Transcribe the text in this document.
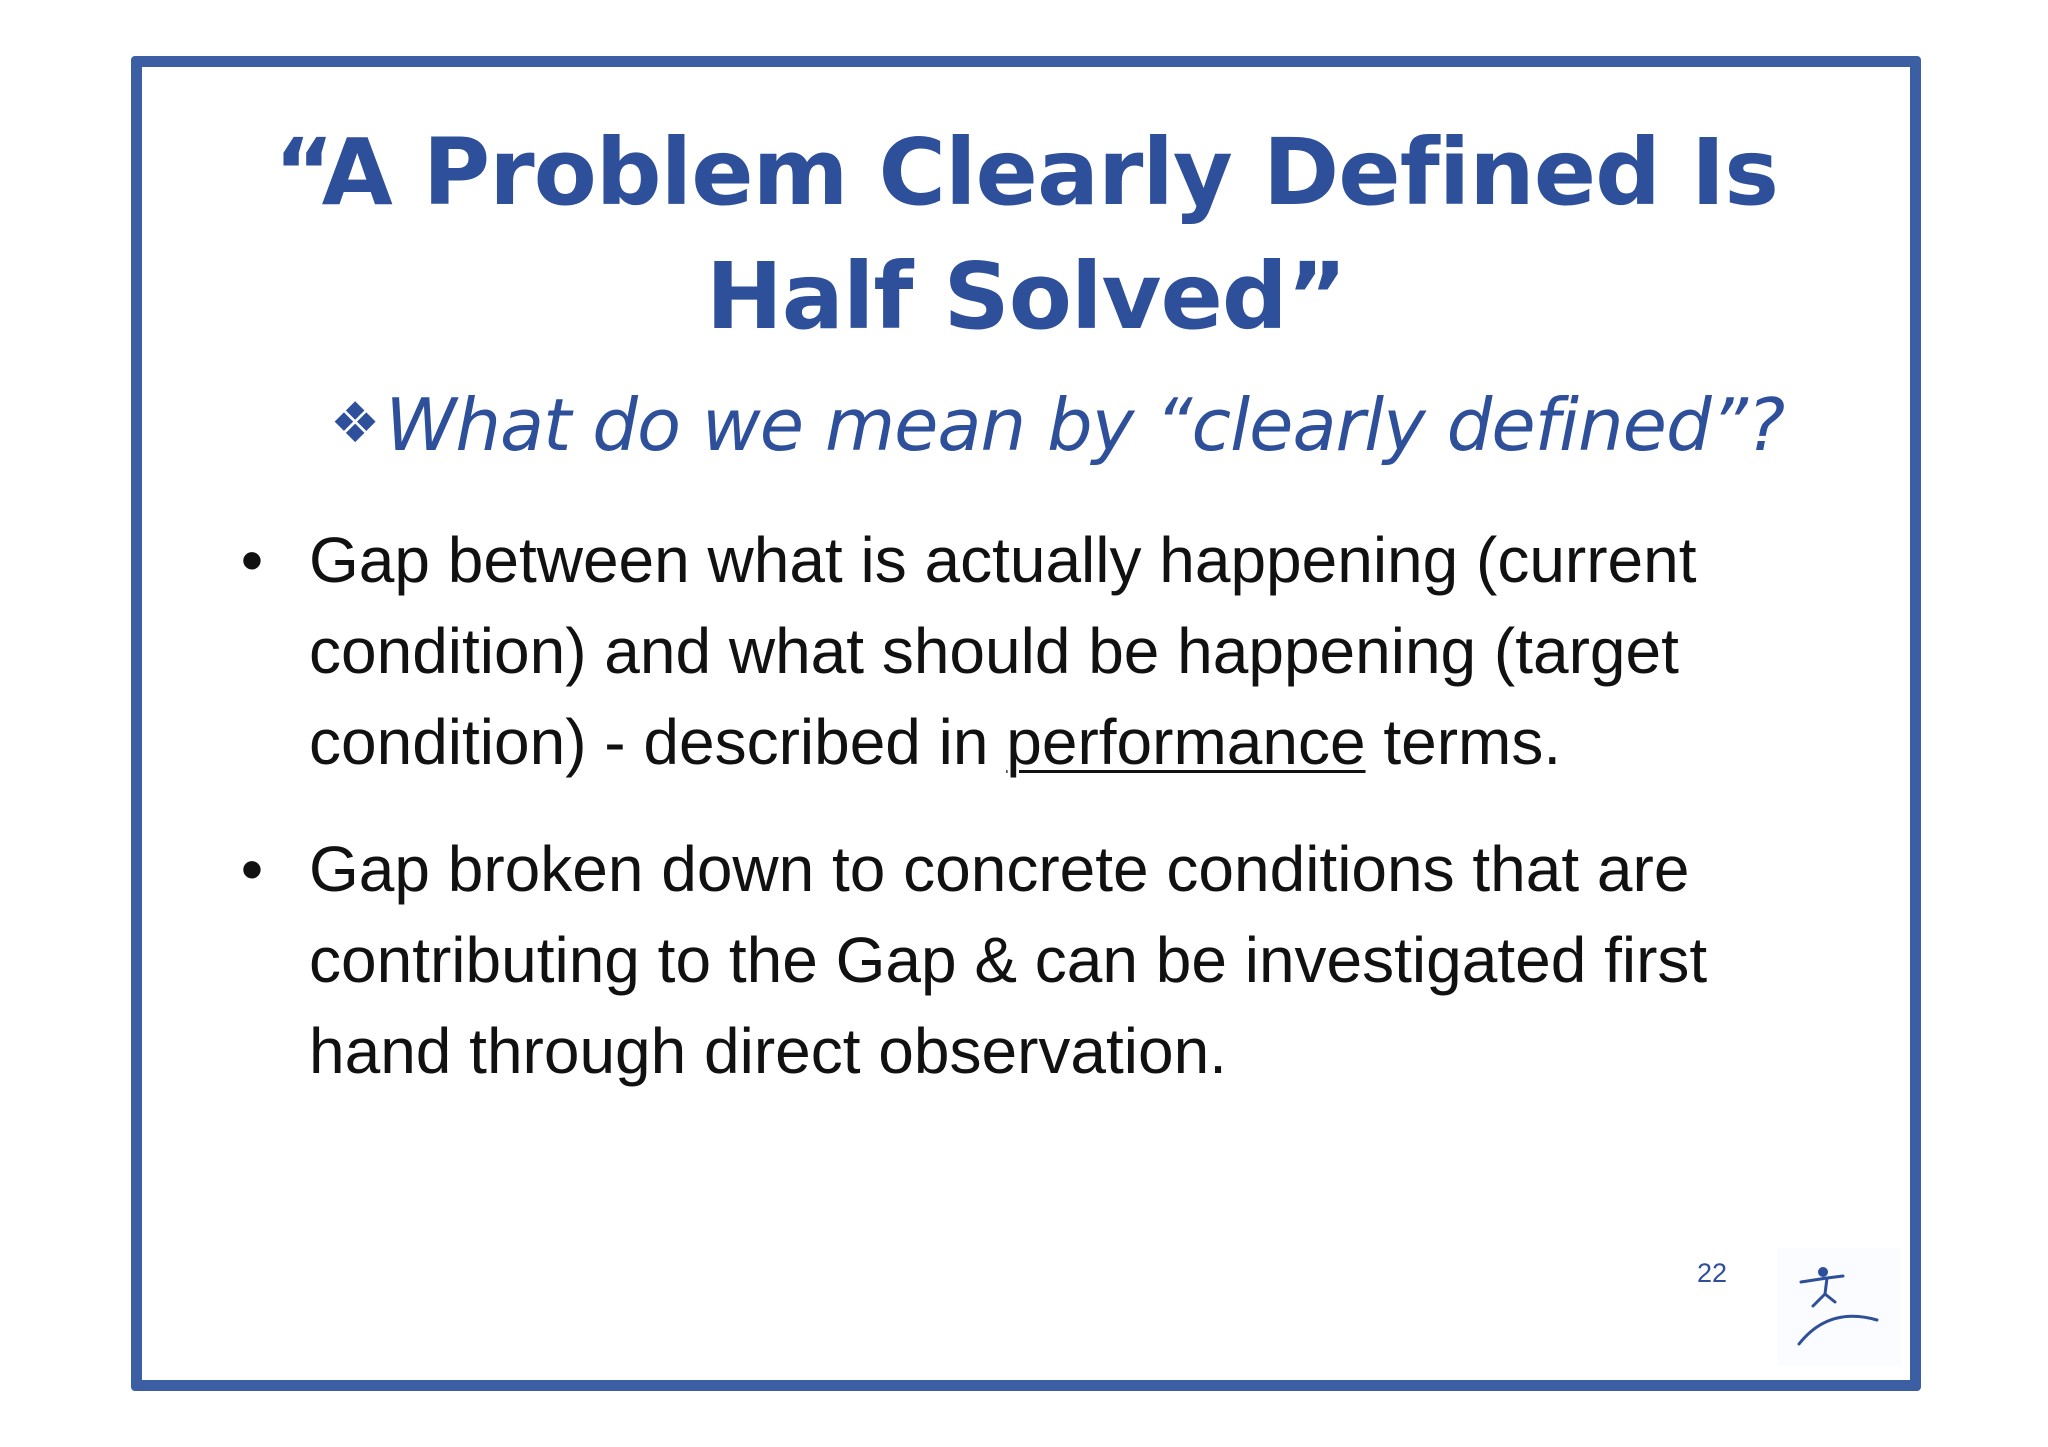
“A Problem Clearly Defined Is
Half Solved”
❖What do we mean by “clearly defined”?
• Gap between what is actually happening (current condition) and what should be happening (target condition) - described in performance terms.
• Gap broken down to concrete conditions that are contributing to the Gap & can be investigated first hand through direct observation.
22
